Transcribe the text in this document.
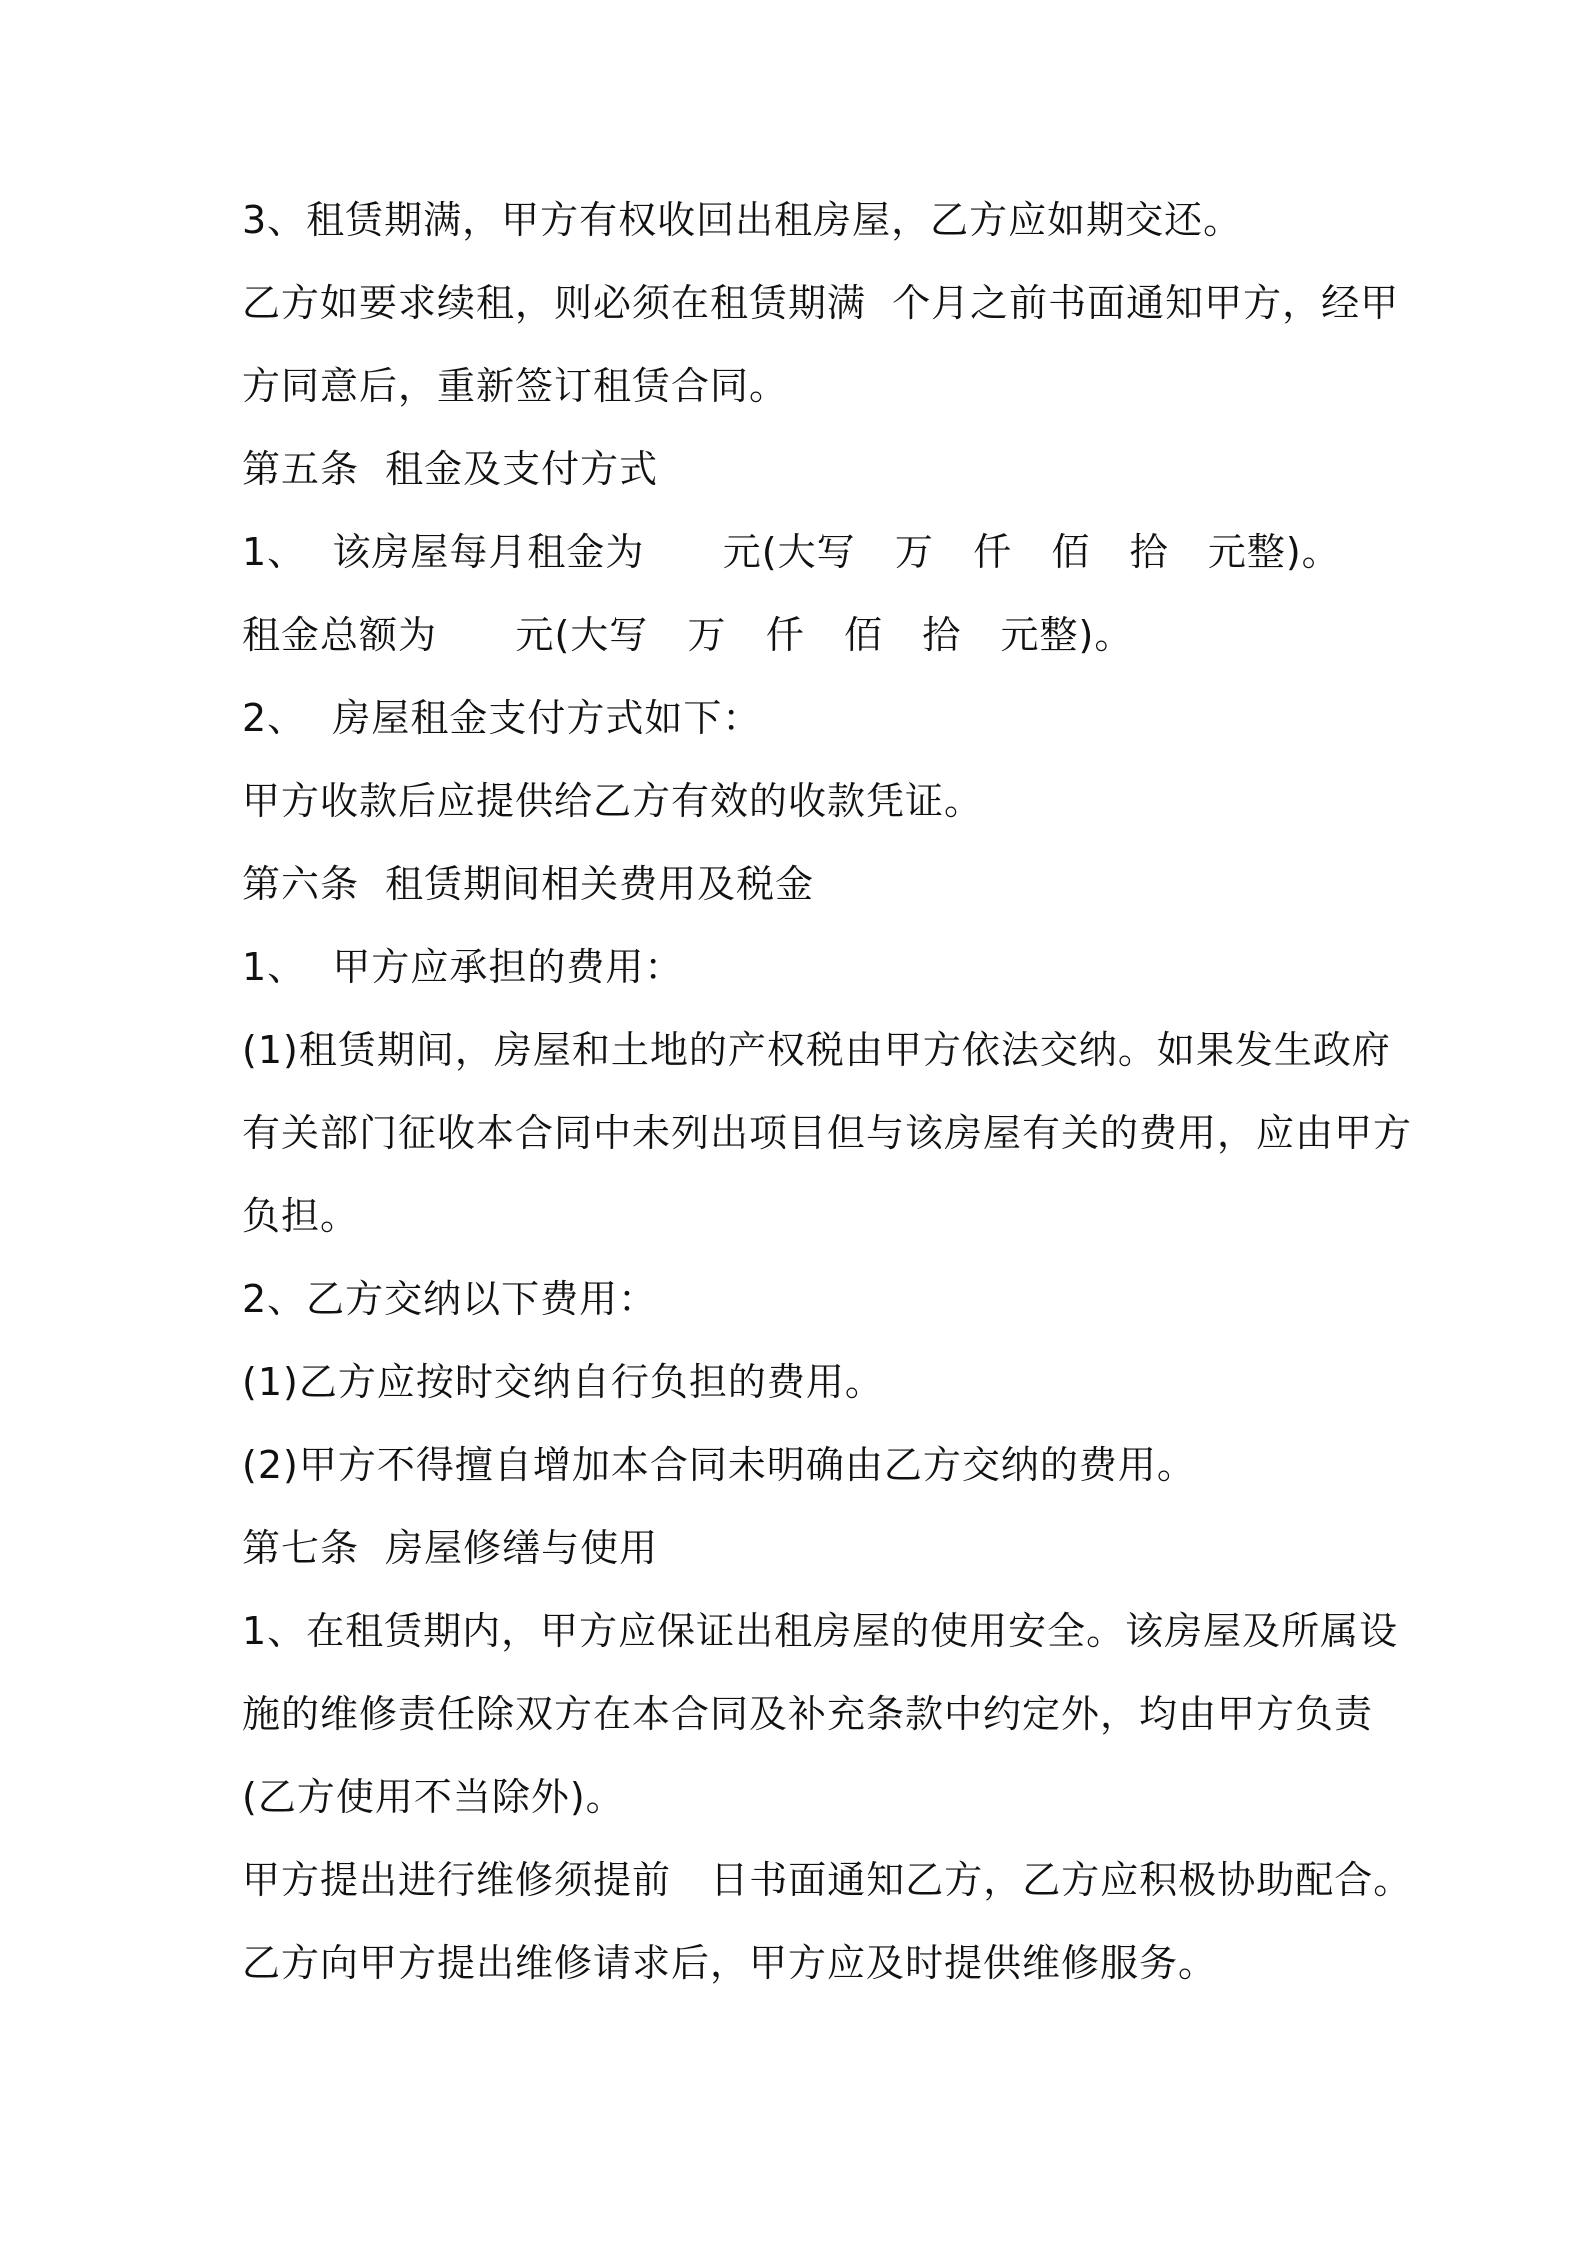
3、租赁期满，甲方有权收回出租房屋，乙方应如期交还。
乙方如要求续租，则必须在租赁期满  个月之前书面通知甲方，经甲
方同意后，重新签订租赁合同。
第五条  租金及支付方式
1、  该房屋每月租金为      元(大写   万   仟   佰   拾   元整)。
租金总额为      元(大写   万   仟   佰   拾   元整)。
2、  房屋租金支付方式如下：
甲方收款后应提供给乙方有效的收款凭证。
第六条  租赁期间相关费用及税金
1、  甲方应承担的费用：
(1)租赁期间，房屋和土地的产权税由甲方依法交纳。如果发生政府
有关部门征收本合同中未列出项目但与该房屋有关的费用，应由甲方
负担。
2、乙方交纳以下费用：
(1)乙方应按时交纳自行负担的费用。
(2)甲方不得擅自增加本合同未明确由乙方交纳的费用。
第七条  房屋修缮与使用
1、在租赁期内，甲方应保证出租房屋的使用安全。该房屋及所属设
施的维修责任除双方在本合同及补充条款中约定外，均由甲方负责
(乙方使用不当除外)。
甲方提出进行维修须提前   日书面通知乙方，乙方应积极协助配合。
乙方向甲方提出维修请求后，甲方应及时提供维修服务。
